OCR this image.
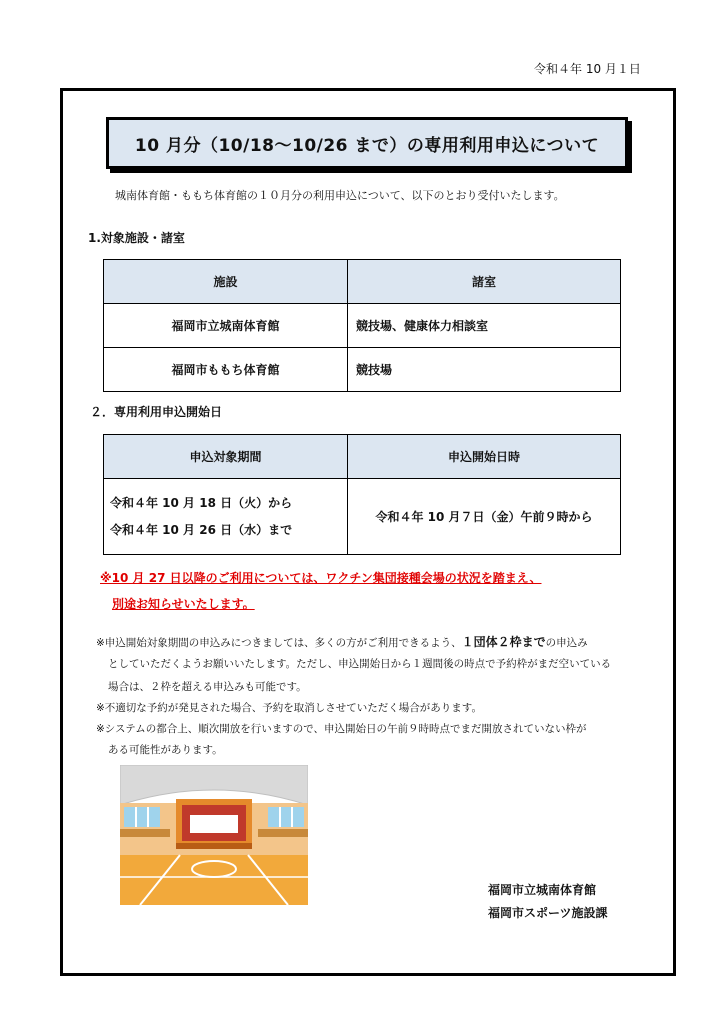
令和４年 10 月１日
10 月分（10/18〜10/26 まで）の専用利用申込について
城南体育館・ももち体育館の１０月分の利用申込について、以下のとおり受付いたします。
1.対象施設・諸室
施設	諸室
福岡市立城南体育館	競技場、健康体力相談室
福岡市ももち体育館	競技場
２．専用利用申込開始日
申込対象期間	申込開始日時

令和４年 10 月 18 日（火）から
令和４年 10 月 26 日（水）まで	令和４年 10 月７日（金）午前９時から
※10 月 27 日以降のご利用については、ワクチン集団接種会場の状況を踏まえ、
別途お知らせいたします。
※申込開始対象期間の申込みにつきましては、多くの方がご利用できるよう、１団体２枠までの申込み
としていただくようお願いいたします。ただし、申込開始日から１週間後の時点で予約枠がまだ空いている
場合は、２枠を超える申込みも可能です。
※不適切な予約が発見された場合、予約を取消しさせていただく場合があります。
※システムの都合上、順次開放を行いますので、申込開始日の午前９時時点でまだ開放されていない枠が
ある可能性があります。
福岡市立城南体育館
福岡市スポーツ施設課
